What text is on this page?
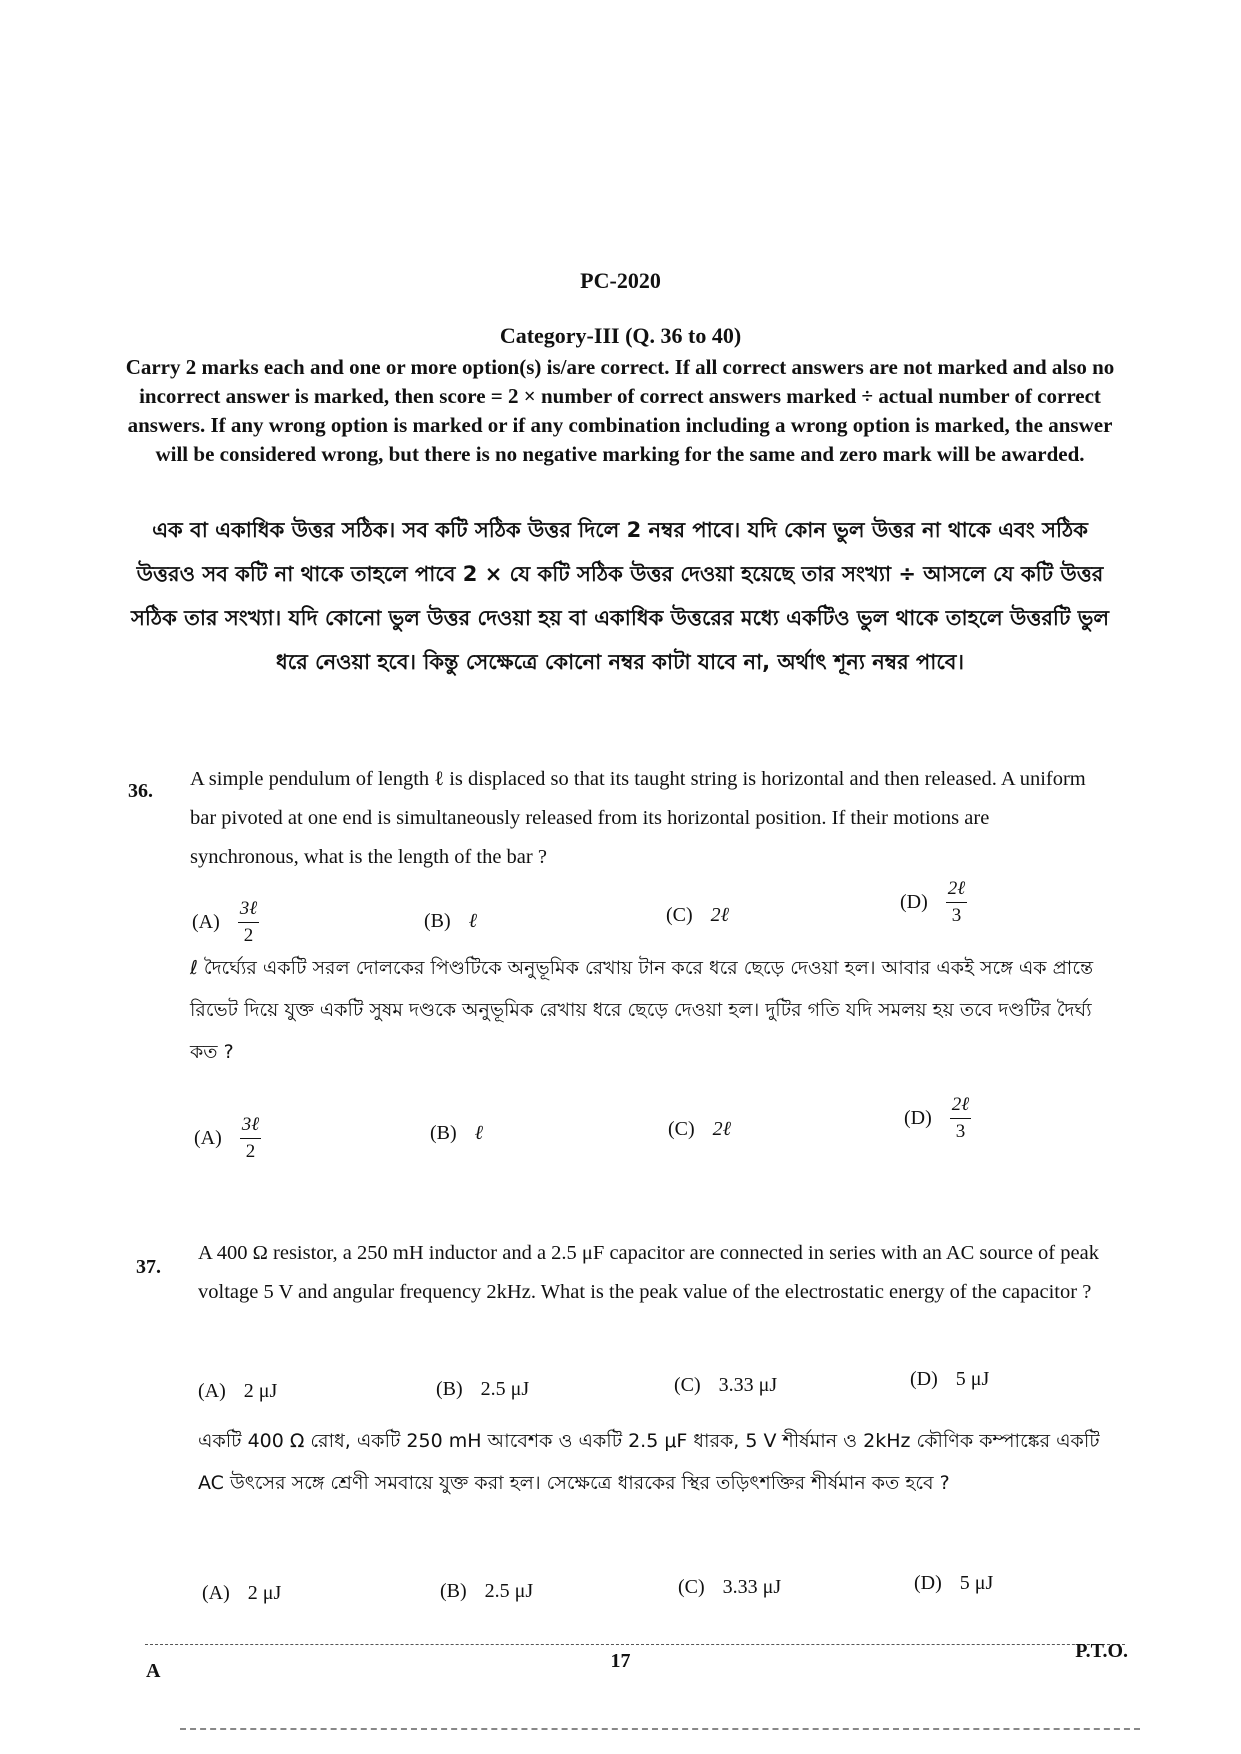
PC-2020
Category-III (Q. 36 to 40)
Carry 2 marks each and one or more option(s) is/are correct. If all correct answers are not marked and also no incorrect answer is marked, then score = 2 × number of correct answers marked ÷ actual number of correct answers. If any wrong option is marked or if any combination including a wrong option is marked, the answer will be considered wrong, but there is no negative marking for the same and zero mark will be awarded.
এক বা একাধিক উত্তর সঠিক। সব কটি সঠিক উত্তর দিলে 2 নম্বর পাবে। যদি কোন ভুল উত্তর না থাকে এবং সঠিক উত্তরও সব কটি না থাকে তাহলে পাবে 2 × যে কটি সঠিক উত্তর দেওয়া হয়েছে তার সংখ্যা ÷ আসলে যে কটি উত্তর সঠিক তার সংখ্যা। যদি কোনো ভুল উত্তর দেওয়া হয় বা একাধিক উত্তরের মধ্যে একটিও ভুল থাকে তাহলে উত্তরটি ভুল ধরে নেওয়া হবে। কিন্তু সেক্ষেত্রে কোনো নম্বর কাটা যাবে না, অর্থাৎ শূন্য নম্বর পাবে।
36.
A simple pendulum of length ℓ is displaced so that its taught string is horizontal and then released. A uniform bar pivoted at one end is simultaneously released from its horizontal position. If their motions are synchronous, what is the length of the bar ?
$(A) \frac{\text{3ℓ}}{2}$	(B) ℓ	(C) 2ℓ
$(D) \frac{\text{2ℓ}}{3}$
ℓ দৈর্ঘ্যের একটি সরল দোলকের পিণ্ডটিকে অনুভূমিক রেখায় টান করে ধরে ছেড়ে দেওয়া হল। আবার একই সঙ্গে এক প্রান্তে রিভেট দিয়ে যুক্ত একটি সুষম দণ্ডকে অনুভূমিক রেখায় ধরে ছেড়ে দেওয়া হল। দুটির গতি যদি সমলয় হয় তবে দণ্ডটির দৈর্ঘ্য কত ?
$(A) \frac{\text{3ℓ}}{2}$	(B) ℓ	(C) 2ℓ	$(D) \frac{\text{2ℓ}}{3}$
37.
A 400 Ω resistor, a 250 mH inductor and a 2.5 μF capacitor are connected in series with an AC source of peak voltage 5 V and angular frequency 2kHz. What is the peak value of the electrostatic energy of the capacitor ?
(A) 2 μJ	(B) 2.5 μJ	(C) 3.33 μJ	(D) 5 μJ
একটি 400 Ω রোধ, একটি 250 mH আবেশক ও একটি 2.5 μF ধারক, 5 V শীর্ষমান ও 2kHz কৌণিক কম্পাঙ্কের একটি AC উৎসের সঙ্গে শ্রেণী সমবায়ে যুক্ত করা হল। সেক্ষেত্রে ধারকের স্থির তড়িৎশক্তির শীর্ষমান কত হবে ?
(A) 2 μJ	(B) 2.5 μJ	(C) 3.33 μJ	(D) 5 μJ
A	17	P.T.O.
